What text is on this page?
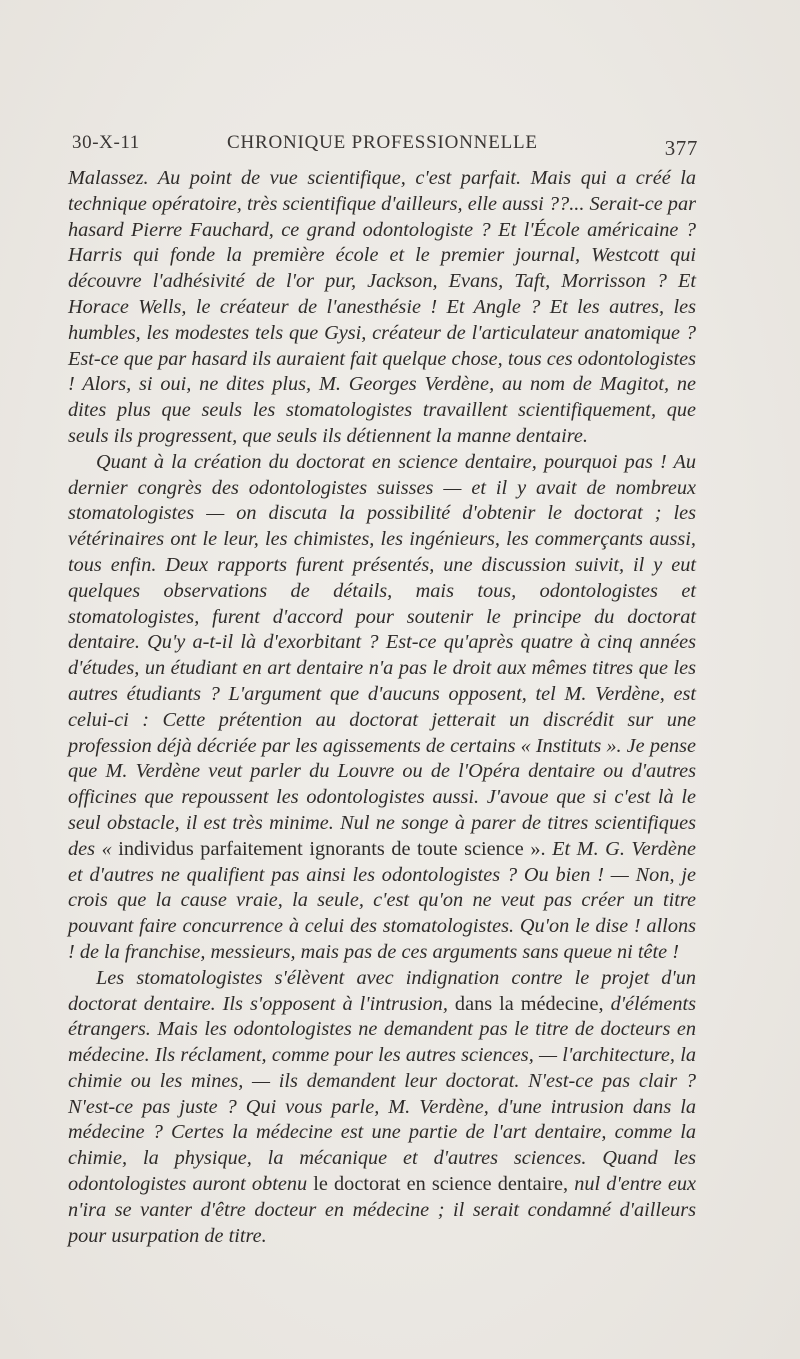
30-X-11	CHRONIQUE PROFESSIONNELLE	377

Malassez. Au point de vue scientifique, c'est parfait. Mais qui a créé la technique opératoire, très scientifique d'ailleurs, elle aussi ??... Serait-ce par hasard Pierre Fauchard, ce grand odontologiste ? Et l'École américaine ? Harris qui fonde la première école et le premier journal, Westcott qui découvre l'adhésivité de l'or pur, Jackson, Evans, Taft, Morrisson ? Et Horace Wells, le créateur de l'anesthésie ! Et Angle ? Et les autres, les humbles, les modestes tels que Gysi, créateur de l'articulateur anatomique ? Est-ce que par hasard ils auraient fait quelque chose, tous ces odontologistes ! Alors, si oui, ne dites plus, M. Georges Verdène, au nom de Magitot, ne dites plus que seuls les stomatologistes travaillent scientifiquement, que seuls ils progressent, que seuls ils détiennent la manne dentaire.

Quant à la création du doctorat en science dentaire, pourquoi pas ! Au dernier congrès des odontologistes suisses — et il y avait de nombreux stomatologistes — on discuta la possibilité d'obtenir le doctorat ; les vétérinaires ont le leur, les chimistes, les ingénieurs, les commerçants aussi, tous enfin. Deux rapports furent présentés, une discussion suivit, il y eut quelques observations de détails, mais tous, odontologistes et stomatologistes, furent d'accord pour soutenir le principe du doctorat dentaire. Qu'y a-t-il là d'exorbitant ? Est-ce qu'après quatre à cinq années d'études, un étudiant en art dentaire n'a pas le droit aux mêmes titres que les autres étudiants ? L'argument que d'aucuns opposent, tel M. Verdène, est celui-ci : Cette prétention au doctorat jetterait un discrédit sur une profession déjà décriée par les agissements de certains « Instituts ». Je pense que M. Verdène veut parler du Louvre ou de l'Opéra dentaire ou d'autres officines que repoussent les odontologistes aussi. J'avoue que si c'est là le seul obstacle, il est très minime. Nul ne songe à parer de titres scientifiques des « individus parfaitement ignorants de toute science ». Et M. G. Verdène et d'autres ne qualifient pas ainsi les odontologistes ? Ou bien ! — Non, je crois que la cause vraie, la seule, c'est qu'on ne veut pas créer un titre pouvant faire concurrence à celui des stomatologistes. Qu'on le dise ! allons ! de la franchise, messieurs, mais pas de ces arguments sans queue ni tête !

Les stomatologistes s'élèvent avec indignation contre le projet d'un doctorat dentaire. Ils s'opposent à l'intrusion, dans la médecine, d'éléments étrangers. Mais les odontologistes ne demandent pas le titre de docteurs en médecine. Ils réclament, comme pour les autres sciences, — l'architecture, la chimie ou les mines, — ils demandent leur doctorat. N'est-ce pas clair ? N'est-ce pas juste ? Qui vous parle, M. Verdène, d'une intrusion dans la médecine ? Certes la médecine est une partie de l'art dentaire, comme la chimie, la physique, la mécanique et d'autres sciences. Quand les odontologistes auront obtenu le doctorat en science dentaire, nul d'entre eux n'ira se vanter d'être docteur en médecine ; il serait condamné d'ailleurs pour usurpation de titre.
